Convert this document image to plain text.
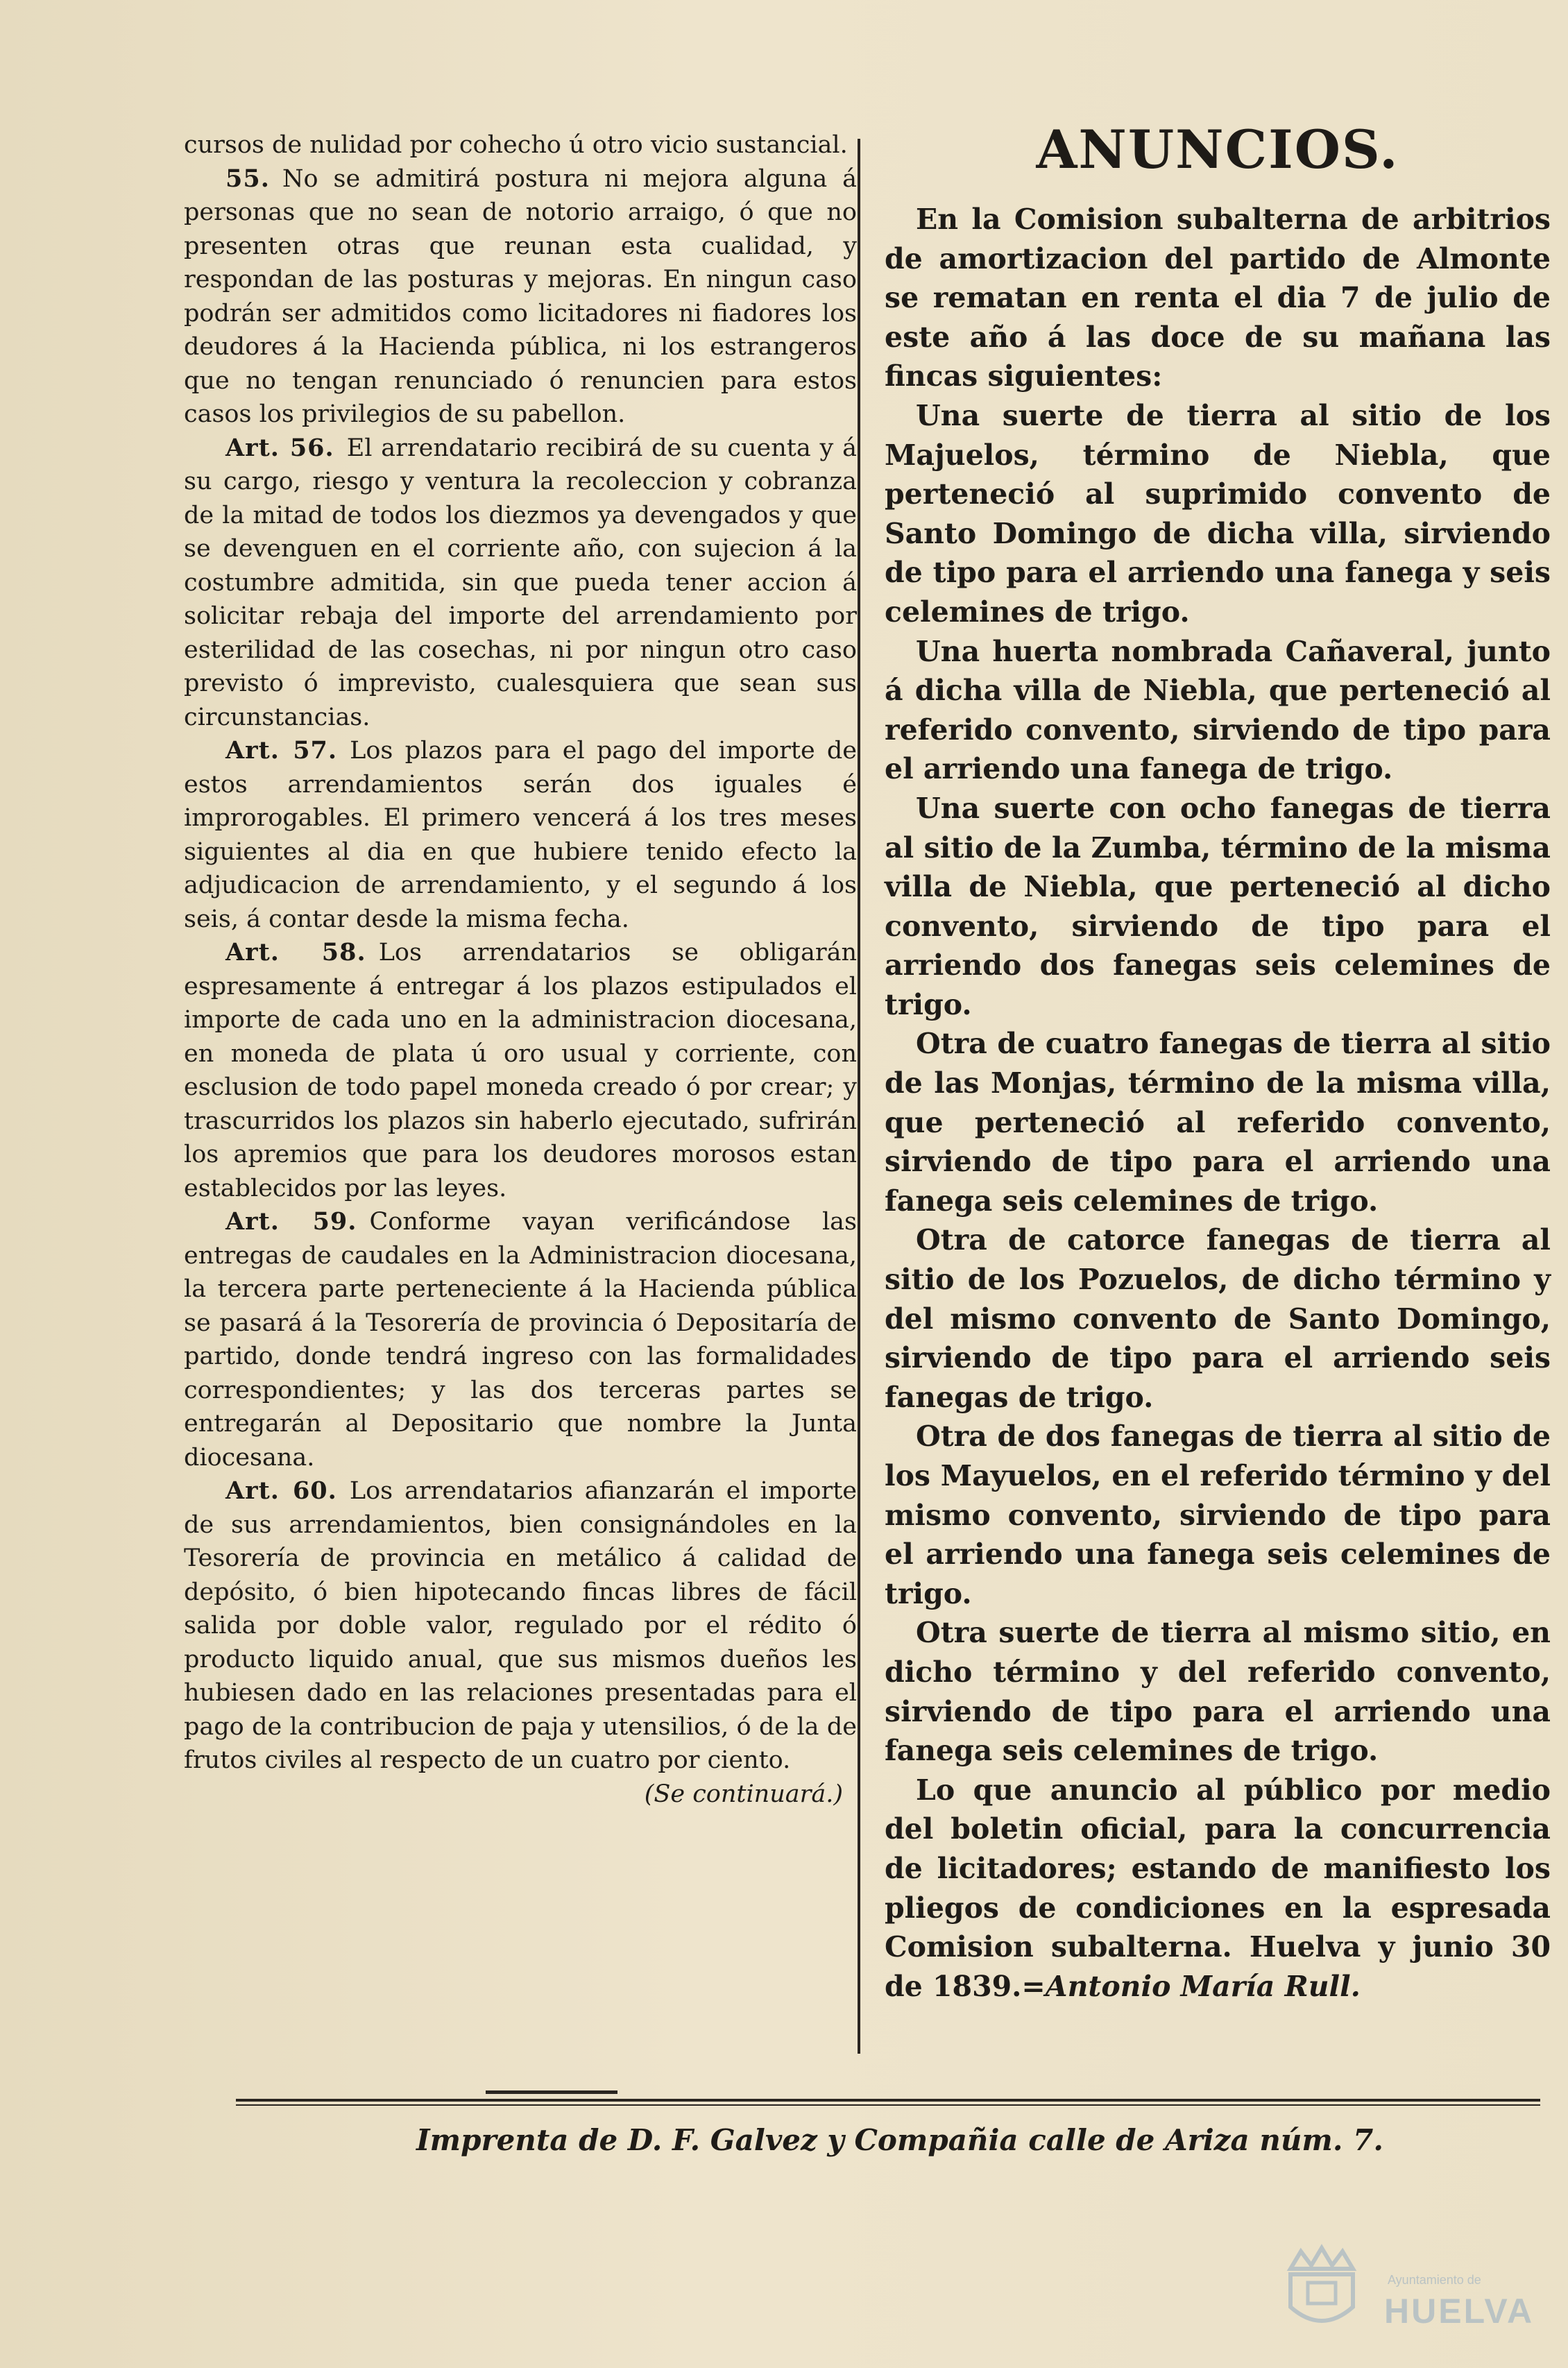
cursos de nulidad por cohecho ú otro vicio sustancial.

55. No se admitirá postura ni mejora alguna á personas que no sean de notorio arraigo, ó que no presenten otras que reunan esta cualidad, y respondan de las posturas y mejoras. En ningun caso podrán ser admitidos como licitadores ni fiadores los deudores á la Hacienda pública, ni los estrangeros que no tengan renunciado ó renuncien para estos casos los privilegios de su pabellon.

Art. 56. El arrendatario recibirá de su cuenta y á su cargo, riesgo y ventura la recoleccion y cobranza de la mitad de todos los diezmos ya devengados y que se devenguen en el corriente año, con sujecion á la costumbre admitida, sin que pueda tener accion á solicitar rebaja del importe del arrendamiento por esterilidad de las cosechas, ni por ningun otro caso previsto ó imprevisto, cualesquiera que sean sus circunstancias.

Art. 57. Los plazos para el pago del importe de estos arrendamientos serán dos iguales é improrogables. El primero vencerá á los tres meses siguientes al dia en que hubiere tenido efecto la adjudicacion de arrendamiento, y el segundo á los seis, á contar desde la misma fecha.

Art. 58. Los arrendatarios se obligarán espresamente á entregar á los plazos estipulados el importe de cada uno en la administracion diocesana, en moneda de plata ú oro usual y corriente, con esclusion de todo papel moneda creado ó por crear; y trascurridos los plazos sin haberlo ejecutado, sufrirán los apremios que para los deudores morosos estan establecidos por las leyes.

Art. 59. Conforme vayan verificándose las entregas de caudales en la Administracion diocesana, la tercera parte perteneciente á la Hacienda pública se pasará á la Tesorería de provincia ó Depositaría de partido, donde tendrá ingreso con las formalidades correspondientes; y las dos terceras partes se entregarán al Depositario que nombre la Junta diocesana.

Art. 60. Los arrendatarios afianzarán el importe de sus arrendamientos, bien consignándoles en la Tesorería de provincia en metálico á calidad de depósito, ó bien hipotecando fincas libres de fácil salida por doble valor, regulado por el rédito ó producto liquido anual, que sus mismos dueños les hubiesen dado en las relaciones presentadas para el pago de la contribucion de paja y utensilios, ó de la de frutos civiles al respecto de un cuatro por ciento.
(Se continuará.)

ANUNCIOS.

En la Comision subalterna de arbitrios de amortizacion del partido de Almonte se rematan en renta el dia 7 de julio de este año á las doce de su mañana las fincas siguientes:

Una suerte de tierra al sitio de los Majuelos, término de Niebla, que perteneció al suprimido convento de Santo Domingo de dicha villa, sirviendo de tipo para el arriendo una fanega y seis celemines de trigo.

Una huerta nombrada Cañaveral, junto á dicha villa de Niebla, que perteneció al referido convento, sirviendo de tipo para el arriendo una fanega de trigo.

Una suerte con ocho fanegas de tierra al sitio de la Zumba, término de la misma villa de Niebla, que perteneció al dicho convento, sirviendo de tipo para el arriendo dos fanegas seis celemines de trigo.

Otra de cuatro fanegas de tierra al sitio de las Monjas, término de la misma villa, que perteneció al referido convento, sirviendo de tipo para el arriendo una fanega seis celemines de trigo.

Otra de catorce fanegas de tierra al sitio de los Pozuelos, de dicho término y del mismo convento de Santo Domingo, sirviendo de tipo para el arriendo seis fanegas de trigo.

Otra de dos fanegas de tierra al sitio de los Mayuelos, en el referido término y del mismo convento, sirviendo de tipo para el arriendo una fanega seis celemines de trigo.

Otra suerte de tierra al mismo sitio, en dicho término y del referido convento, sirviendo de tipo para el arriendo una fanega seis celemines de trigo.

Lo que anuncio al público por medio del boletin oficial, para la concurrencia de licitadores; estando de manifiesto los pliegos de condiciones en la espresada Comision subalterna. Huelva y junio 30 de 1839.=Antonio María Rull.

Imprenta de D. F. Galvez y Compañia calle de Ariza núm. 7.
Ayuntamiento de
HUELVA
